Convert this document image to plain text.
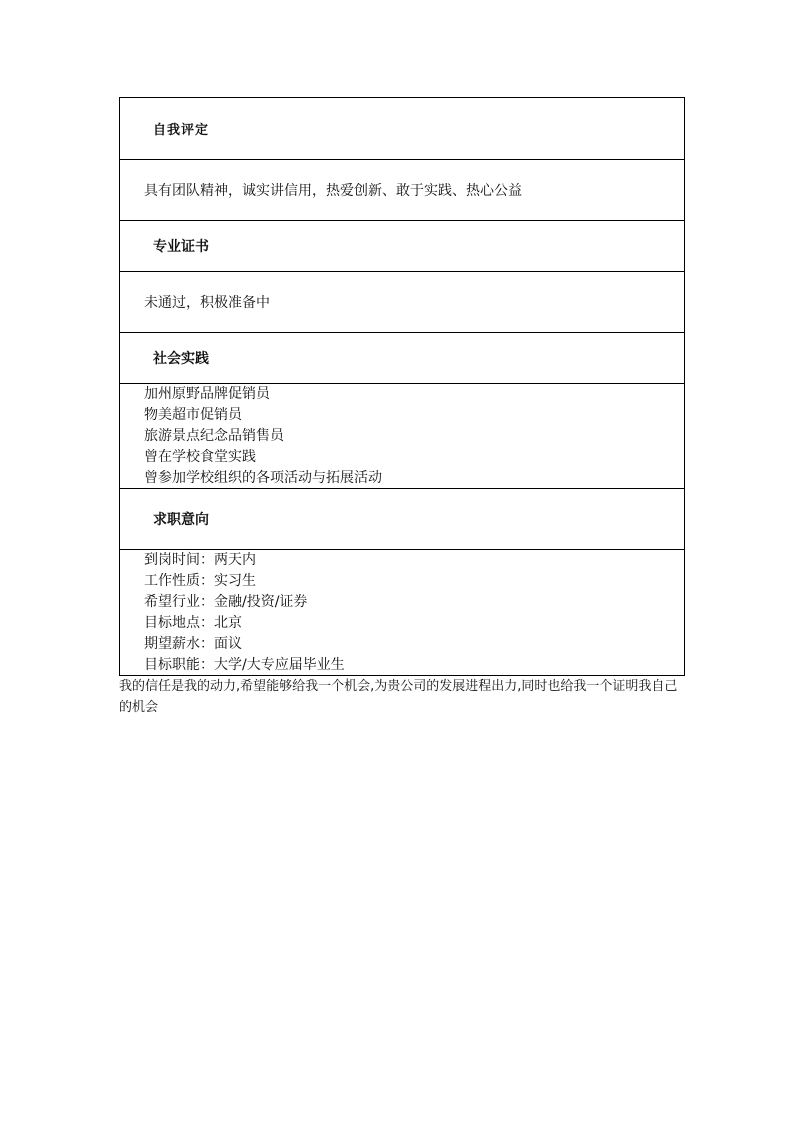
自我评定
具有团队精神，诚实讲信用，热爱创新、敢于实践、热心公益
专业证书
未通过，积极准备中
社会实践
加州原野品牌促销员
物美超市促销员
旅游景点纪念品销售员
曾在学校食堂实践
曾参加学校组织的各项活动与拓展活动
求职意向
到岗时间：两天内
工作性质：实习生
希望行业：金融/投资/证券
目标地点：北京
期望薪水：面议
目标职能：大学/大专应届毕业生
我的信任是我的动力,希望能够给我一个机会,为贵公司的发展进程出力,同时也给我一个证明我自己的机会
